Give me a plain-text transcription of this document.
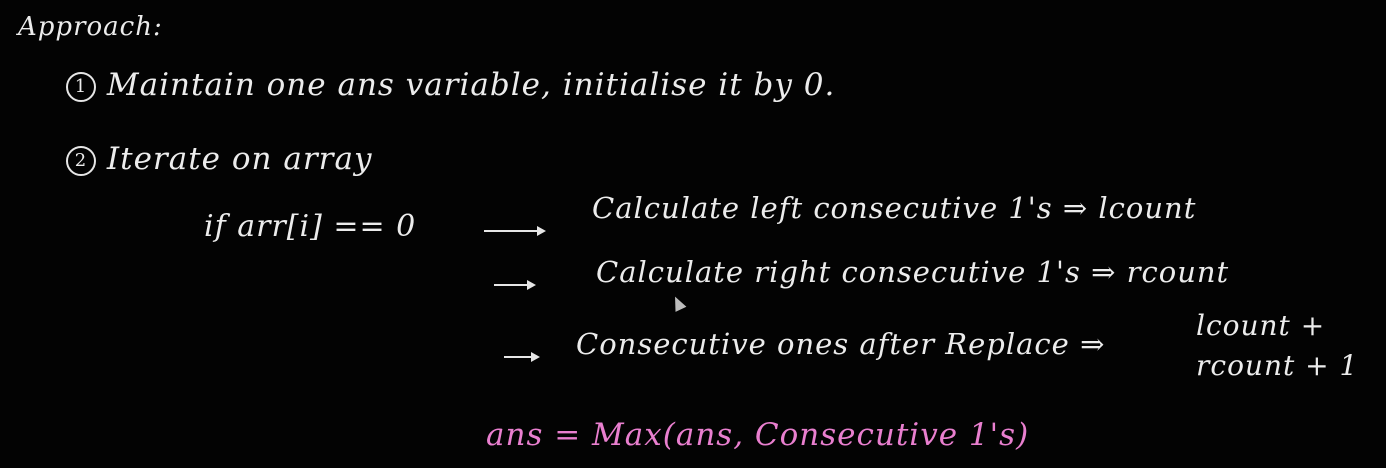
Approach:
1 Maintain one ans variable, initialise it by 0.
2 Iterate on array
if arr[i] == 0
Calculate left consecutive 1's ⇒ lcount
Calculate right consecutive 1's ⇒ rcount
Consecutive ones after Replace ⇒
lcount +
rcount + 1
ans = Max(ans, Consecutive 1's)
